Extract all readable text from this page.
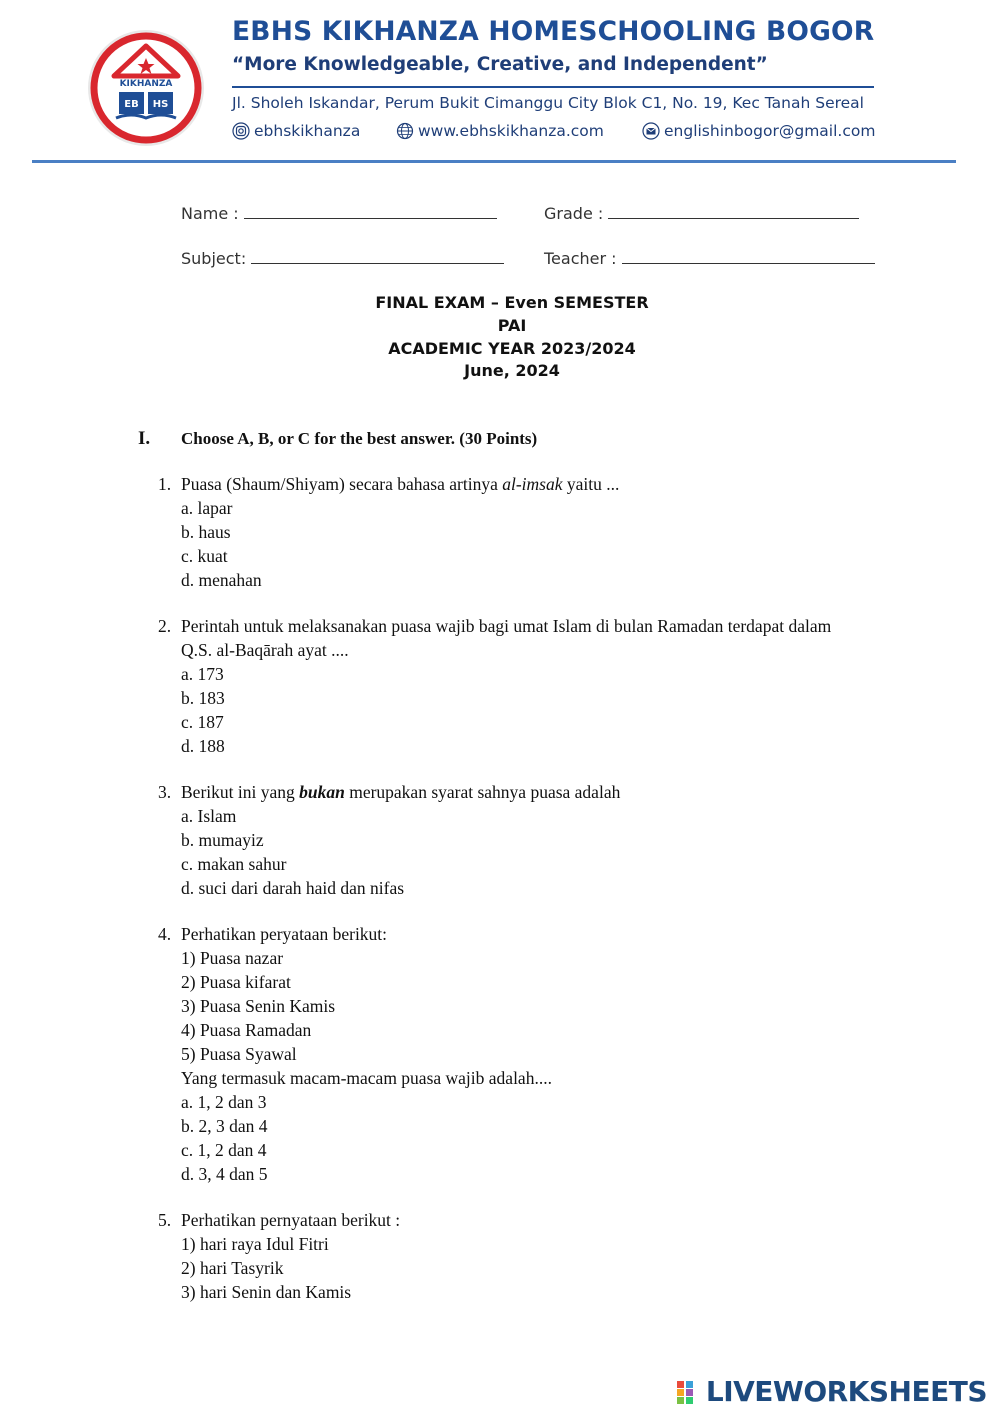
KIKHANZA
EB HS
EBHS KIKHANZA HOMESCHOOLING BOGOR
“More Knowledgeable, Creative, and Independent”
Jl. Sholeh Iskandar, Perum Bukit Cimanggu City Blok C1, No. 19, Kec Tanah Sereal
ebhskikhanza	www.ebhskikhanza.com	englishinbogor@gmail.com
Name :	Grade :
Subject:	Teacher :
FINAL EXAM – Even SEMESTER
PAI
ACADEMIC YEAR 2023/2024
June, 2024
I. Choose A, B, or C for the best answer. (30 Points)
1. Puasa (Shaum/Shiyam) secara bahasa artinya al-imsak yaitu ...

a. lapar

b. haus

c. kuat

d. menahan

2. Perintah untuk melaksanakan puasa wajib bagi umat Islam di bulan Ramadan terdapat dalam

Q.S. al-Baqārah ayat ....

a. 173

b. 183

c. 187

d. 188

3. Berikut ini yang bukan merupakan syarat sahnya puasa adalah

a. Islam

b. mumayiz

c. makan sahur

d. suci dari darah haid dan nifas

4. Perhatikan peryataan berikut:

1) Puasa nazar

2) Puasa kifarat

3) Puasa Senin Kamis

4) Puasa Ramadan

5) Puasa Syawal

Yang termasuk macam-macam puasa wajib adalah....

a. 1, 2 dan 3

b. 2, 3 dan 4

c. 1, 2 dan 4

d. 3, 4 dan 5

5. Perhatikan pernyataan berikut :

1) hari raya Idul Fitri

2) hari Tasyrik

3) hari Senin dan Kamis

LIVEWORKSHEETS
